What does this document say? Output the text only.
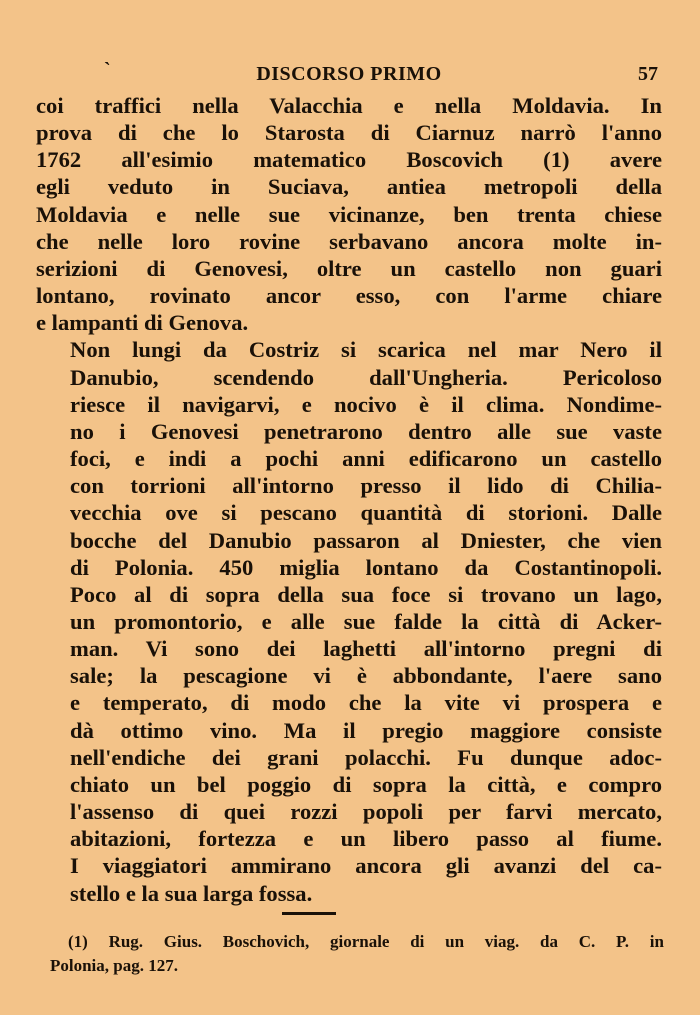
`	DISCORSO PRIMO	57

coi traffici nella Valacchia e nella Moldavia. In
prova di che lo Starosta di Ciarnuz narrò l'anno
1762 all'esimio matematico Boscovich (1) avere
egli veduto in Suciava, antiea metropoli della
Moldavia e nelle sue vicinanze, ben trenta chiese
che nelle loro rovine serbavano ancora molte in-
serizioni di Genovesi, oltre un castello non guari
lontano, rovinato ancor esso, con l'arme chiare
e lampanti di Genova.

Non lungi da Costriz si scarica nel mar Nero il
Danubio, scendendo dall'Ungheria. Pericoloso
riesce il navigarvi, e nocivo è il clima. Nondime-
no i Genovesi penetrarono dentro alle sue vaste
foci, e indi a pochi anni edificarono un castello
con torrioni all'intorno presso il lido di Chilia-
vecchia ove si pescano quantità di storioni. Dalle
bocche del Danubio passaron al Dniester, che vien
di Polonia. 450 miglia lontano da Costantinopoli.
Poco al di sopra della sua foce si trovano un lago,
un promontorio, e alle sue falde la città di Acker-
man. Vi sono dei laghetti all'intorno pregni di
sale; la pescagione vi è abbondante, l'aere sano
e temperato, di modo che la vite vi prospera e
dà ottimo vino. Ma il pregio maggiore consiste
nell'endiche dei grani polacchi. Fu dunque adoc-
chiato un bel poggio di sopra la città, e compro
l'assenso di quei rozzi popoli per farvi mercato,
abitazioni, fortezza e un libero passo al fiume.
I viaggiatori ammirano ancora gli avanzi del ca-
stello e la sua larga fossa.

(1) Rug. Gius. Boschovich, giornale di un viag. da C. P. in
Polonia, pag. 127.
